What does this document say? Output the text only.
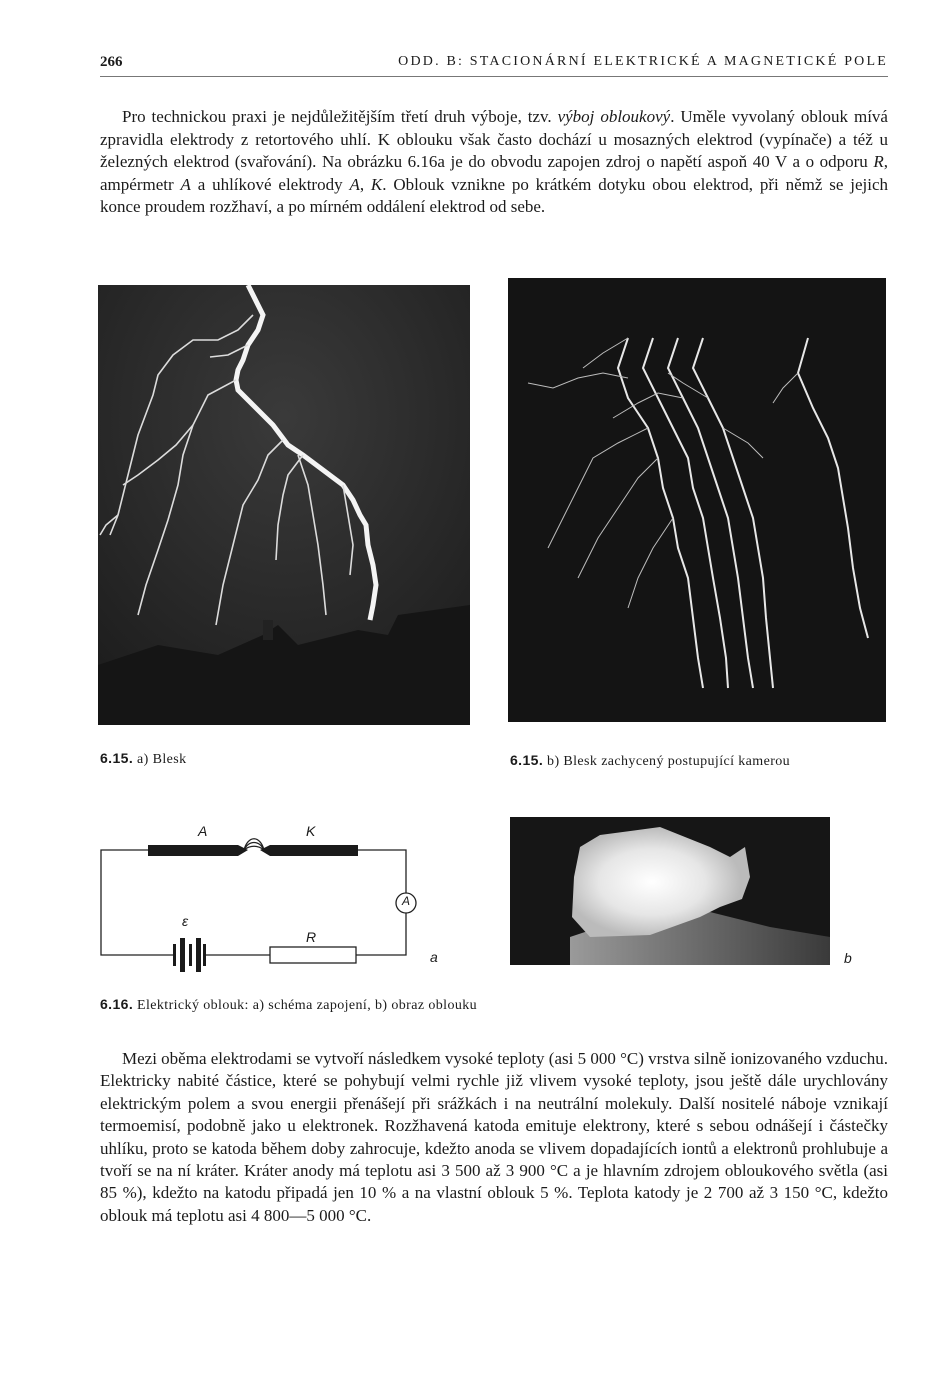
266	ODD. B: STACIONÁRNÍ ELEKTRICKÉ A MAGNETICKÉ POLE

Pro technickou praxi je nejdůležitějším třetí druh výboje, tzv. výboj obloukový. Uměle vyvolaný oblouk mívá zpravidla elektrody z retortového uhlí. K oblouku však často dochází u mosazných elektrod (vypínače) a též u železných elektrod (svařování). Na obrázku 6.16a je do obvodu zapojen zdroj o napětí aspoň 40 V a o odporu R, ampérmetr A a uhlíkové elektrody A, K. Oblouk vznikne po krátkém dotyku obou elektrod, při němž se jejich konce proudem rozžhaví, a po mírném oddálení elektrod od sebe.

6.15. a) Blesk	6.15. b) Blesk zachycený postupující kamerou
A	K
A
ε
R
a	b
6.16. Elektrický oblouk: a) schéma zapojení, b) obraz oblouku

Mezi oběma elektrodami se vytvoří následkem vysoké teploty (asi 5 000 °C) vrstva silně ionizovaného vzduchu. Elektricky nabité částice, které se pohybují velmi rychle již vlivem vysoké teploty, jsou ještě dále urychlovány elektrickým polem a svou energii přenášejí při srážkách i na neutrální molekuly. Další nositelé náboje vznikají termoemisí, podobně jako u elektronek. Rozžhavená katoda emituje elektrony, které s sebou odnášejí i částečky uhlíku, proto se katoda během doby zahrocuje, kdežto anoda se vlivem dopadajících iontů a elektronů prohlubuje a tvoří se na ní kráter. Kráter anody má teplotu asi 3 500 až 3 900 °C a je hlavním zdrojem obloukového světla (asi 85 %), kdežto na katodu připadá jen 10 % a na vlastní oblouk 5 %. Teplota katody je 2 700 až 3 150 °C, kdežto oblouk má teplotu asi 4 800—5 000 °C.
